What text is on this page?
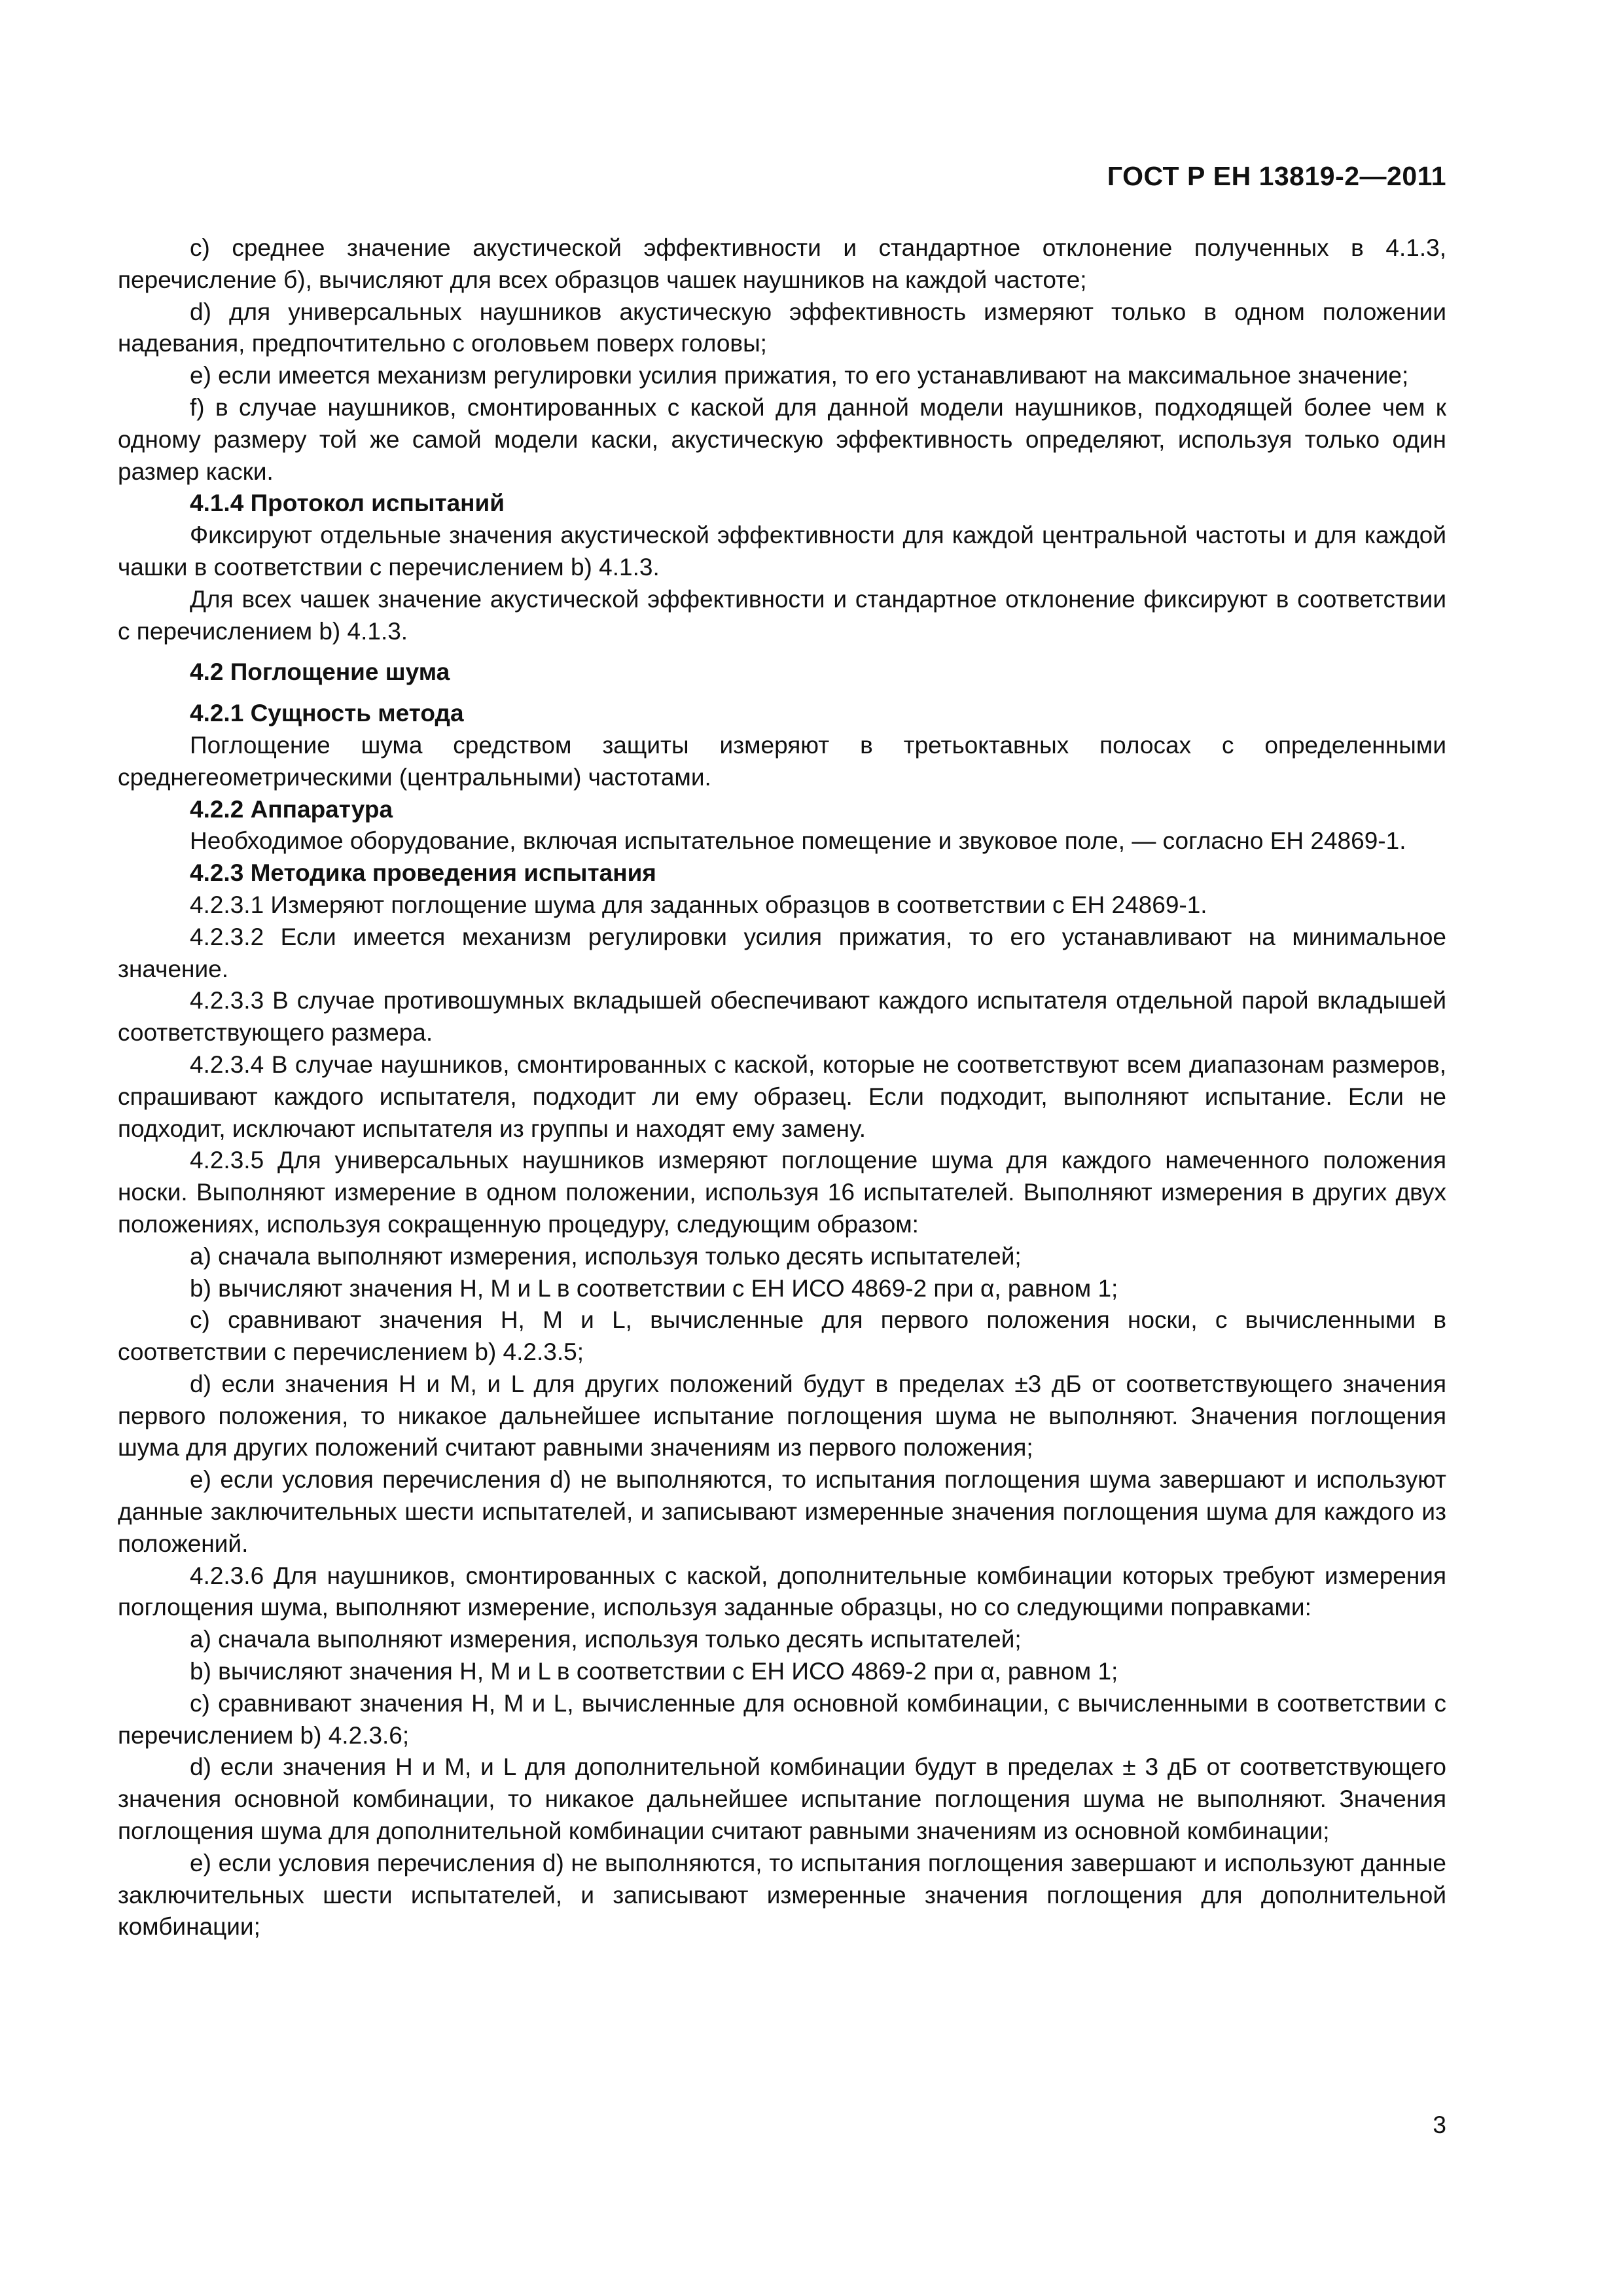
ГОСТ Р ЕН 13819-2—2011

c) среднее значение акустической эффективности и стандартное отклонение полученных в 4.1.3, перечисление б), вычисляют для всех образцов чашек наушников на каждой частоте;

d) для универсальных наушников акустическую эффективность измеряют только в одном положении надевания, предпочтительно с оголовьем поверх головы;

e) если имеется механизм регулировки усилия прижатия, то его устанавливают на максимальное значение;

f) в случае наушников, смонтированных с каской для данной модели наушников, подходящей более чем к одному размеру той же самой модели каски, акустическую эффективность определяют, используя только один размер каски.

4.1.4 Протокол испытаний

Фиксируют отдельные значения акустической эффективности для каждой центральной частоты и для каждой чашки в соответствии с перечислением b) 4.1.3.

Для всех чашек значение акустической эффективности и стандартное отклонение фиксируют в соответствии с перечислением b) 4.1.3.

4.2 Поглощение шума
4.2.1 Сущность метода

Поглощение шума средством защиты измеряют в третьоктавных полосах с определенными среднегеометрическими (центральными) частотами.

4.2.2 Аппаратура

Необходимое оборудование, включая испытательное помещение и звуковое поле, — согласно ЕН 24869-1.

4.2.3 Методика проведения испытания

4.2.3.1 Измеряют поглощение шума для заданных образцов в соответствии с ЕН 24869-1.

4.2.3.2 Если имеется механизм регулировки усилия прижатия, то его устанавливают на минимальное значение.

4.2.3.3 В случае противошумных вкладышей обеспечивают каждого испытателя отдельной парой вкладышей соответствующего размера.

4.2.3.4 В случае наушников, смонтированных с каской, которые не соответствуют всем диапазонам размеров, спрашивают каждого испытателя, подходит ли ему образец. Если подходит, выполняют испытание. Если не подходит, исключают испытателя из группы и находят ему замену.

4.2.3.5 Для универсальных наушников измеряют поглощение шума для каждого намеченного положения носки. Выполняют измерение в одном положении, используя 16 испытателей. Выполняют измерения в других двух положениях, используя сокращенную процедуру, следующим образом:

a) сначала выполняют измерения, используя только десять испытателей;

b) вычисляют значения H, M и L в соответствии с ЕН ИСО 4869-2 при α, равном 1;

c) сравнивают значения H, M и L, вычисленные для первого положения носки, с вычисленными в соответствии с перечислением b) 4.2.3.5;

d) если значения H и M, и L для других положений будут в пределах ±3 дБ от соответствующего значения первого положения, то никакое дальнейшее испытание поглощения шума не выполняют. Значения поглощения шума для других положений считают равными значениям из первого положения;

e) если условия перечисления d) не выполняются, то испытания поглощения шума завершают и используют данные заключительных шести испытателей, и записывают измеренные значения поглощения шума для каждого из положений.

4.2.3.6 Для наушников, смонтированных с каской, дополнительные комбинации которых требуют измерения поглощения шума, выполняют измерение, используя заданные образцы, но со следующими поправками:

a) сначала выполняют измерения, используя только десять испытателей;

b) вычисляют значения H, M и L в соответствии с ЕН ИСО 4869-2 при α, равном 1;

c) сравнивают значения H, M и L, вычисленные для основной комбинации, с вычисленными в соответствии с перечислением b) 4.2.3.6;

d) если значения H и M, и L для дополнительной комбинации будут в пределах ± 3 дБ от соответствующего значения основной комбинации, то никакое дальнейшее испытание поглощения шума не выполняют. Значения поглощения шума для дополнительной комбинации считают равными значениям из основной комбинации;

e) если условия перечисления d) не выполняются, то испытания поглощения завершают и используют данные заключительных шести испытателей, и записывают измеренные значения поглощения для дополнительной комбинации;

3
